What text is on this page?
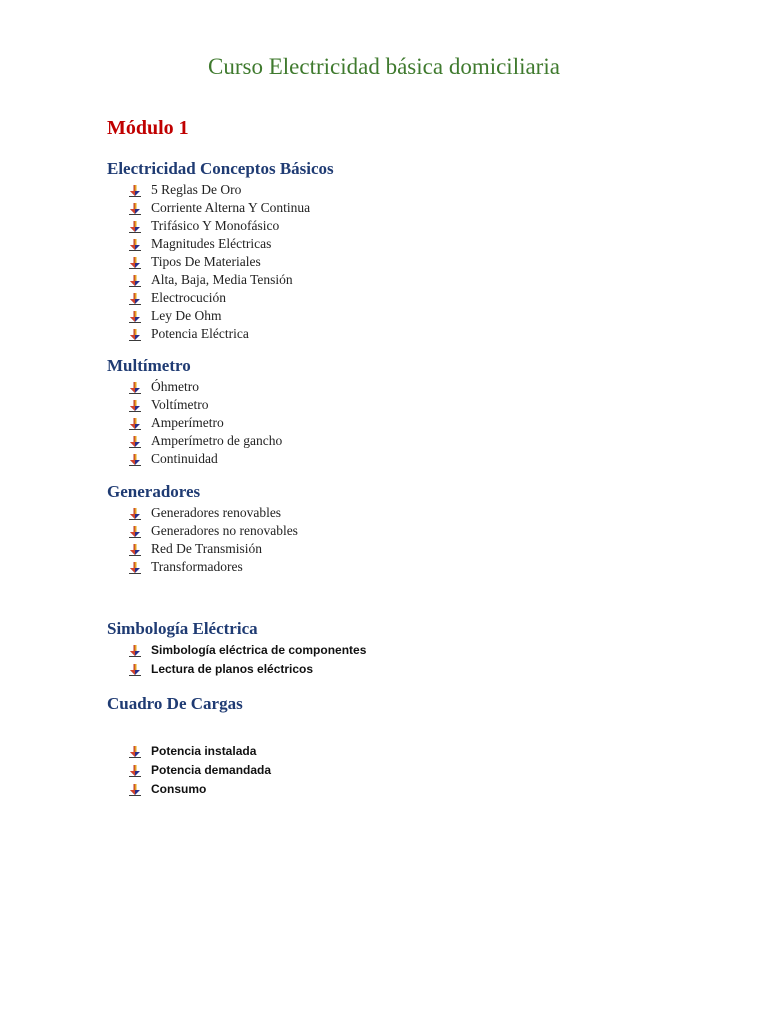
Curso Electricidad básica domiciliaria
Módulo 1
Electricidad Conceptos Básicos
5 Reglas De Oro
Corriente Alterna Y Continua
Trifásico Y Monofásico
Magnitudes Eléctricas
Tipos De Materiales
Alta, Baja, Media Tensión
Electrocución
Ley De Ohm
Potencia Eléctrica
Multímetro
Óhmetro
Voltímetro
Amperímetro
Amperímetro de gancho
Continuidad
Generadores
Generadores renovables
Generadores no renovables
Red De Transmisión
Transformadores
Simbología Eléctrica
Simbología eléctrica de componentes
Lectura de planos eléctricos
Cuadro De Cargas
Potencia instalada
Potencia demandada
Consumo
